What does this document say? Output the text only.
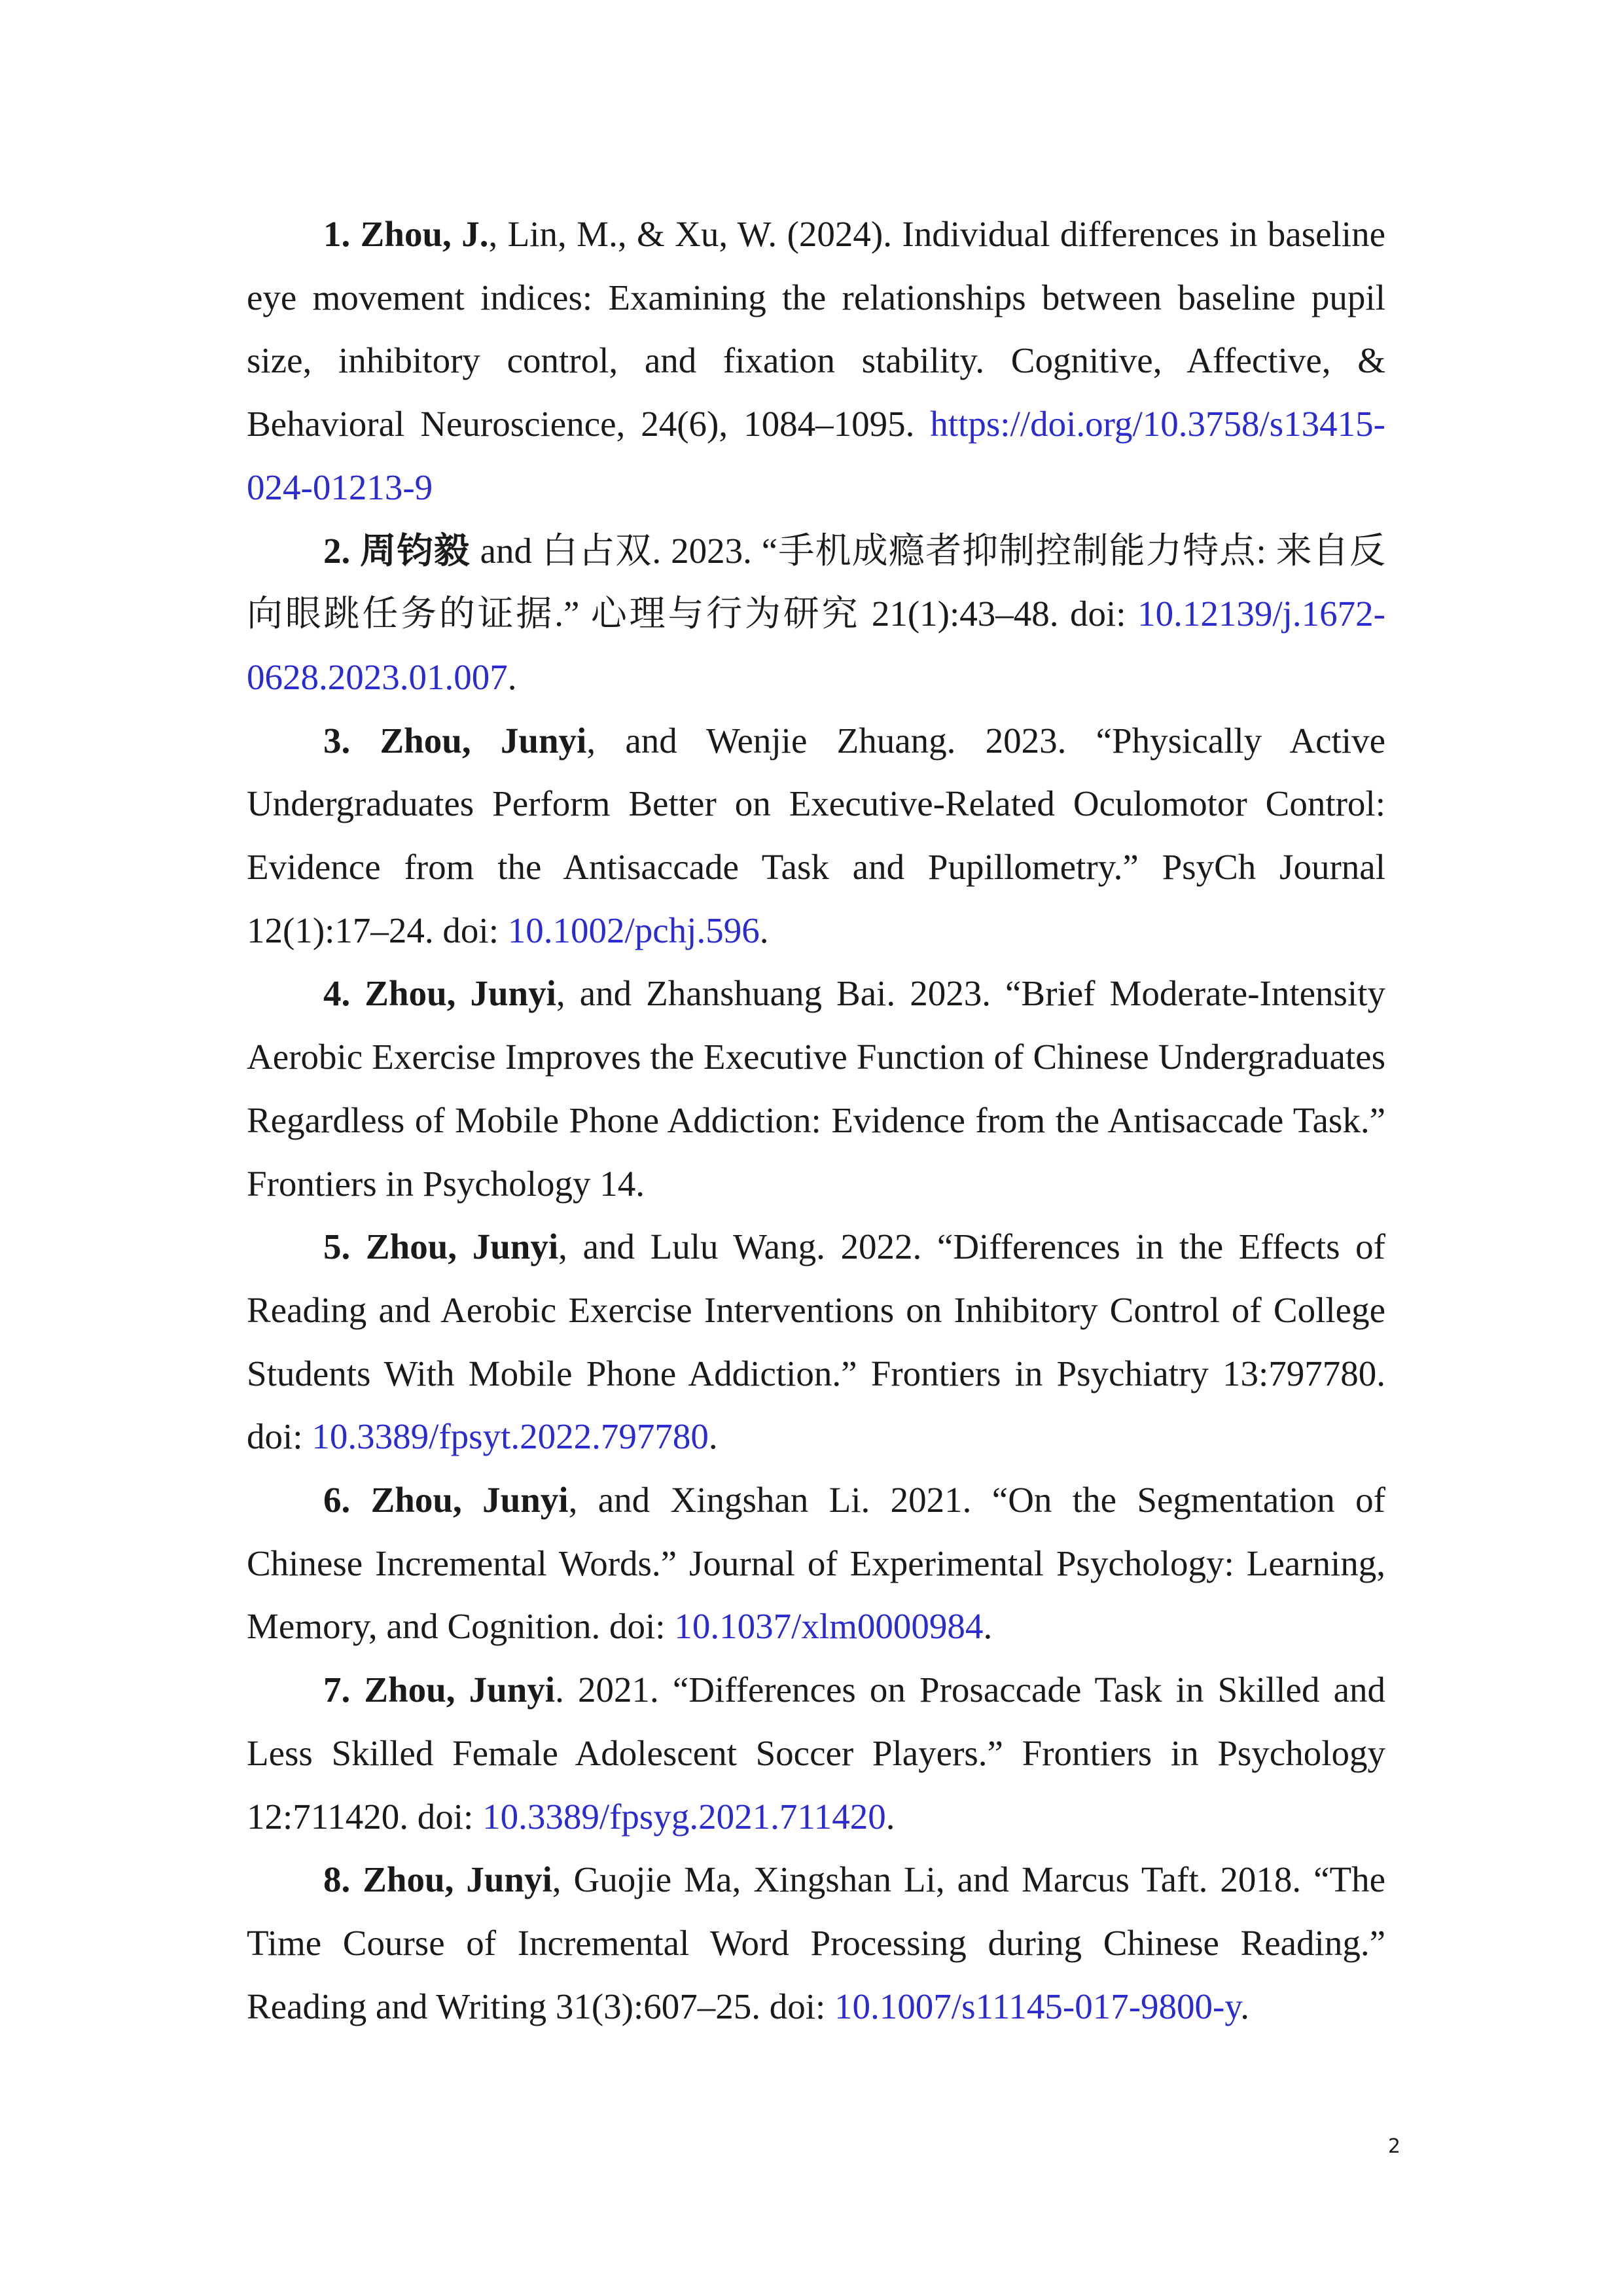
1. Zhou, J., Lin, M., & Xu, W. (2024). Individual differences in baseline eye movement indices: Examining the relationships between baseline pupil size, inhibitory control, and fixation stability. Cognitive, Affective, & Behavioral Neuroscience, 24(6), 1084–1095. https://doi.org/10.3758/s13415-024-01213-9

2. 周钧毅 and 白占双. 2023. “手机成瘾者抑制控制能力特点: 来自反向眼跳任务的证据.” 心理与行为研究 21(1):43–48. doi: 10.12139/j.1672-0628.2023.01.007.

3. Zhou, Junyi, and Wenjie Zhuang. 2023. “Physically Active Undergraduates Perform Better on Executive-Related Oculomotor Control: Evidence from the Antisaccade Task and Pupillometry.” PsyCh Journal 12(1):17–24. doi: 10.1002/pchj.596.

4. Zhou, Junyi, and Zhanshuang Bai. 2023. “Brief Moderate-Intensity Aerobic Exercise Improves the Executive Function of Chinese Undergraduates Regardless of Mobile Phone Addiction: Evidence from the Antisaccade Task.” Frontiers in Psychology 14.

5. Zhou, Junyi, and Lulu Wang. 2022. “Differences in the Effects of Reading and Aerobic Exercise Interventions on Inhibitory Control of College Students With Mobile Phone Addiction.” Frontiers in Psychiatry 13:797780. doi: 10.3389/fpsyt.2022.797780.

6. Zhou, Junyi, and Xingshan Li. 2021. “On the Segmentation of Chinese Incremental Words.” Journal of Experimental Psychology: Learning, Memory, and Cognition. doi: 10.1037/xlm0000984.

7. Zhou, Junyi. 2021. “Differences on Prosaccade Task in Skilled and Less Skilled Female Adolescent Soccer Players.” Frontiers in Psychology 12:711420. doi: 10.3389/fpsyg.2021.711420.

8. Zhou, Junyi, Guojie Ma, Xingshan Li, and Marcus Taft. 2018. “The Time Course of Incremental Word Processing during Chinese Reading.” Reading and Writing 31(3):607–25. doi: 10.1007/s11145-017-9800-y.

2
